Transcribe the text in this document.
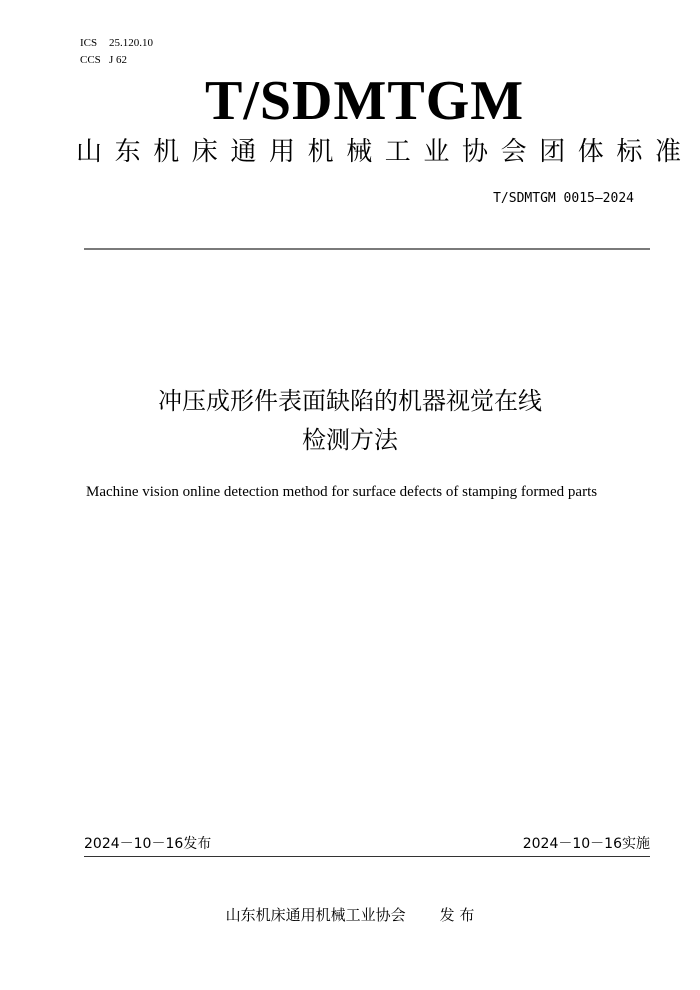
ICS 25.120.10
CCS J 62
T/SDMTGM
山东机床通用机械工业协会团体标准
T/SDMTGM 0015—2024
冲压成形件表面缺陷的机器视觉在线
检测方法
Machine vision online detection method for surface defects of stamping formed parts
2024－10－16发布	2024－10－16实施
山东机床通用机械工业协会 发 布
